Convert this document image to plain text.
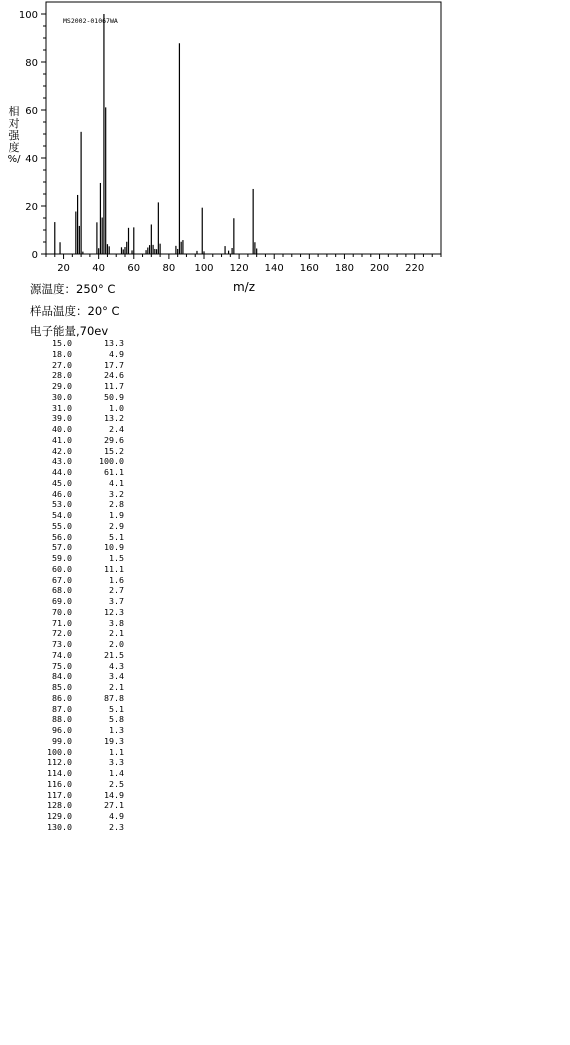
0
20
40
60
80
100
20 40 60 80 100 120 140 160 180 200 220
MS2002-01067WA
m/z
相
对
强
度
%/
源温度：250° C
样品温度：20° C
电子能量,70ev
15.0	13.3
18.0	4.9
27.0	17.7
28.0	24.6
29.0	11.7
30.0	50.9
31.0	1.0
39.0	13.2
40.0	2.4
41.0	29.6
42.0	15.2
43.0	100.0
44.0	61.1
45.0	4.1
46.0	3.2
53.0	2.8
54.0	1.9
55.0	2.9
56.0	5.1
57.0	10.9
59.0	1.5
60.0	11.1
67.0	1.6
68.0	2.7
69.0	3.7
70.0	12.3
71.0	3.8
72.0	2.1
73.0	2.0
74.0	21.5
75.0	4.3
84.0	3.4
85.0	2.1
86.0	87.8
87.0	5.1
88.0	5.8
96.0	1.3
99.0	19.3
100.0	1.1
112.0	3.3
114.0	1.4
116.0	2.5
117.0	14.9
128.0	27.1
129.0	4.9
130.0	2.3
